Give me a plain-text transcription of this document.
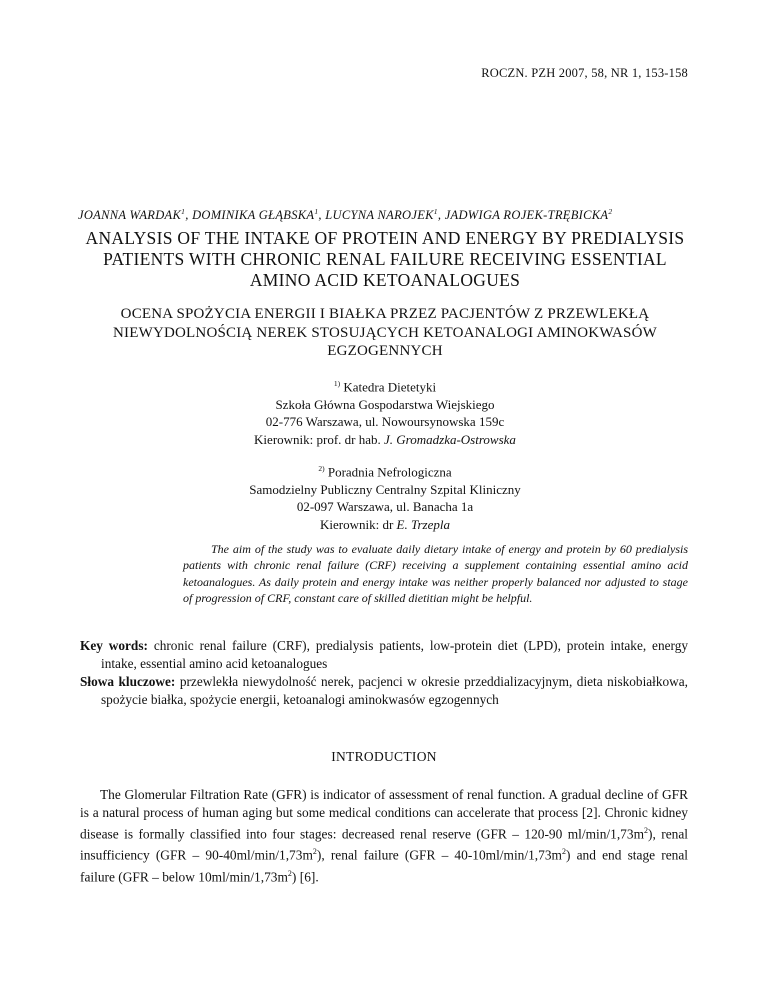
ROCZN. PZH 2007, 58, NR 1, 153-158
JOANNA WARDAK$^1$, DOMINIKA GŁĄBSKA$^1$, LUCYNA NAROJEK$^1$, JADWIGA ROJEK-TRĘBICKA$^2$
ANALYSIS OF THE INTAKE OF PROTEIN AND ENERGY BY PREDIALYSIS
PATIENTS WITH CHRONIC RENAL FAILURE RECEIVING ESSENTIAL
AMINO ACID KETOANALOGUES
OCENA SPOŻYCIA ENERGII I BIAŁKA PRZEZ PACJENTÓW Z PRZEWLEKŁĄ
NIEWYDOLNOŚCIĄ NEREK STOSUJĄCYCH KETOANALOGI AMINOKWASÓW
EGZOGENNYCH
$^{1)}$ Katedra Dietetyki
Szkoła Główna Gospodarstwa Wiejskiego
02-776 Warszawa, ul. Nowoursynowska 159c
Kierownik: prof. dr hab. J. Gromadzka-Ostrowska
$^{2)}$ Poradnia Nefrologiczna
Samodzielny Publiczny Centralny Szpital Kliniczny
02-097 Warszawa, ul. Banacha 1a
Kierownik: dr E. Trzepla
The aim of the study was to evaluate daily dietary intake of energy and protein by 60 predialysis patients with chronic renal failure (CRF) receiving a supplement containing essential amino acid ketoanalogues. As daily protein and energy intake was neither properly balanced nor adjusted to stage of progression of CRF, constant care of skilled dietitian might be helpful.
Key words: chronic renal failure (CRF), predialysis patients, low-protein diet (LPD), protein intake, energy intake, essential amino acid ketoanalogues
Słowa kluczowe: przewlekła niewydolność nerek, pacjenci w okresie przeddializacyjnym, dieta niskobiałkowa, spożycie białka, spożycie energii, ketoanalogi aminokwasów egzogennych
INTRODUCTION
The Glomerular Filtration Rate (GFR) is indicator of assessment of renal function. A gradual decline of GFR is a natural process of human aging but some medical conditions can accelerate that process [2]. Chronic kidney disease is formally classified into four stages: decreased renal reserve (GFR – 120-90 $ml/\min/1,73m^2$), renal insufficiency $(GFR - 90-40ml/\min/1,73m^2)$, renal failure $(GFR - 40-10ml/\min/1,73m^2)$ and end stage renal failure (GFR – below $10ml/\min/1,73m^2$) [6].
